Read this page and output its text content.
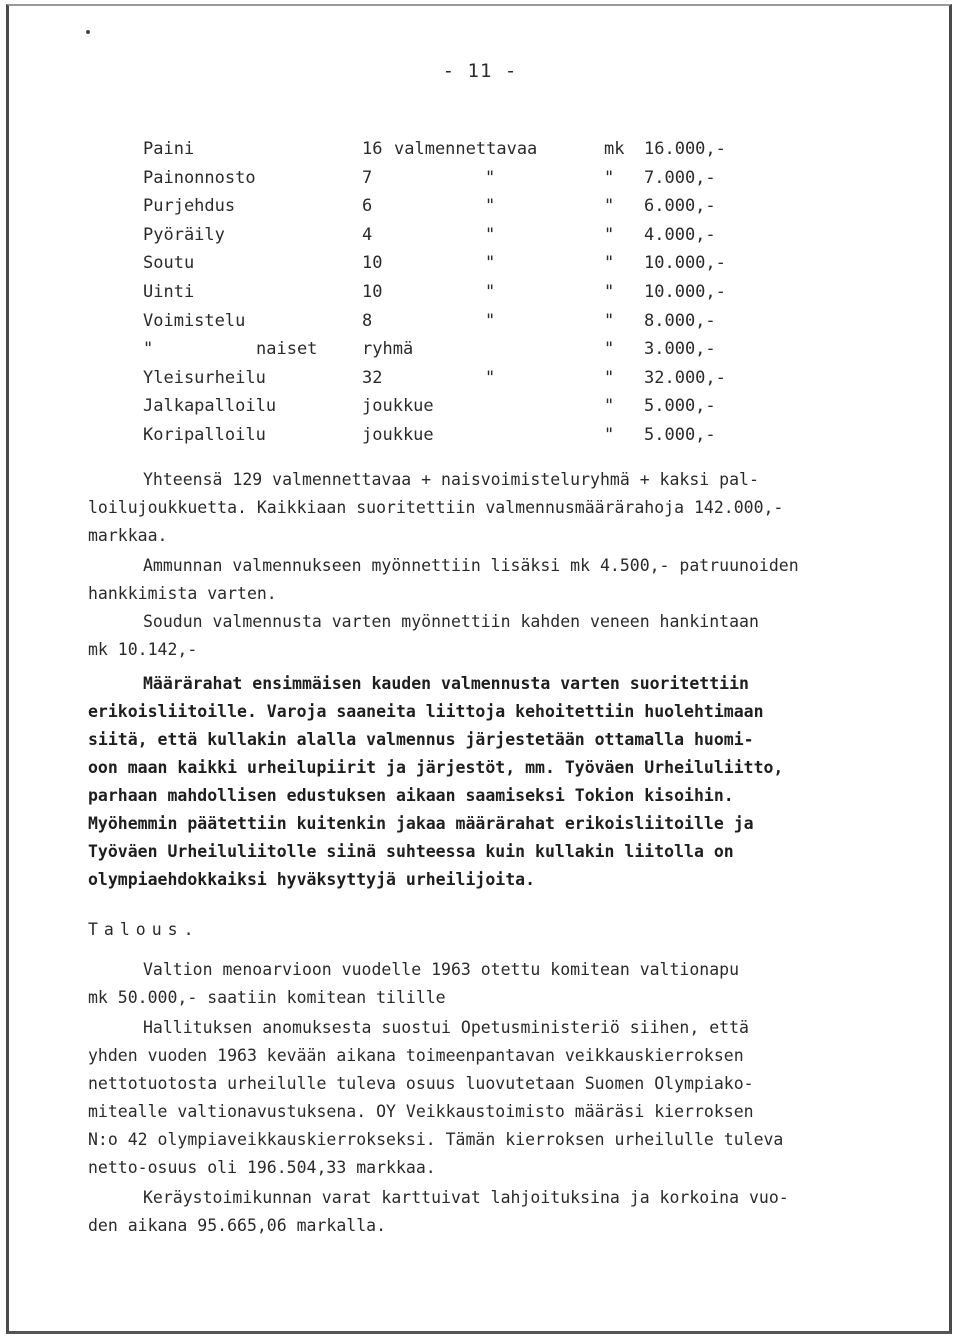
- 11 -
Paini	16 valmennettavaa	mk 16.000,-
Painonnosto	7	"	" 7.000,-
Purjehdus	6	"	" 6.000,-
Pyöräily	4	"	" 4.000,-
Soutu	10	"	" 10.000,-
Uinti	10	"	" 10.000,-
Voimistelu	8	"	" 8.000,-
"	naiset	ryhmä	" 3.000,-
Yleisurheilu	32	"	" 32.000,-
Jalkapalloilu	joukkue	" 5.000,-
Koripalloilu	joukkue	" 5.000,-
Yhteensä 129 valmennettavaa + naisvoimisteluryhmä + kaksi pal-
loilujoukkuetta. Kaikkiaan suoritettiin valmennusmäärärahoja 142.000,-
markkaa.
Ammunnan valmennukseen myönnettiin lisäksi mk 4.500,- patruunoiden
hankkimista varten.
Soudun valmennusta varten myönnettiin kahden veneen hankintaan
mk 10.142,-
Määrärahat ensimmäisen kauden valmennusta varten suoritettiin
erikoisliitoille. Varoja saaneita liittoja kehoitettiin huolehtimaan
siitä, että kullakin alalla valmennus järjestetään ottamalla huomi-
oon maan kaikki urheilupiirit ja järjestöt, mm. Työväen Urheiluliitto,
parhaan mahdollisen edustuksen aikaan saamiseksi Tokion kisoihin.
Myöhemmin päätettiin kuitenkin jakaa määrärahat erikoisliitoille ja
Työväen Urheiluliitolle siinä suhteessa kuin kullakin liitolla on
olympiaehdokkaiksi hyväksyttyjä urheilijoita.
Talous.
Valtion menoarvioon vuodelle 1963 otettu komitean valtionapu
mk 50.000,- saatiin komitean tilille
Hallituksen anomuksesta suostui Opetusministeriö siihen, että
yhden vuoden 1963 kevään aikana toimeenpantavan veikkauskierroksen
nettotuotosta urheilulle tuleva osuus luovutetaan Suomen Olympiako-
mitealle valtionavustuksena. OY Veikkaustoimisto määräsi kierroksen
N:o 42 olympiaveikkauskierrokseksi. Tämän kierroksen urheilulle tuleva
netto-osuus oli 196.504,33 markkaa.
Keräystoimikunnan varat karttuivat lahjoituksina ja korkoina vuo-
den aikana 95.665,06 markalla.
